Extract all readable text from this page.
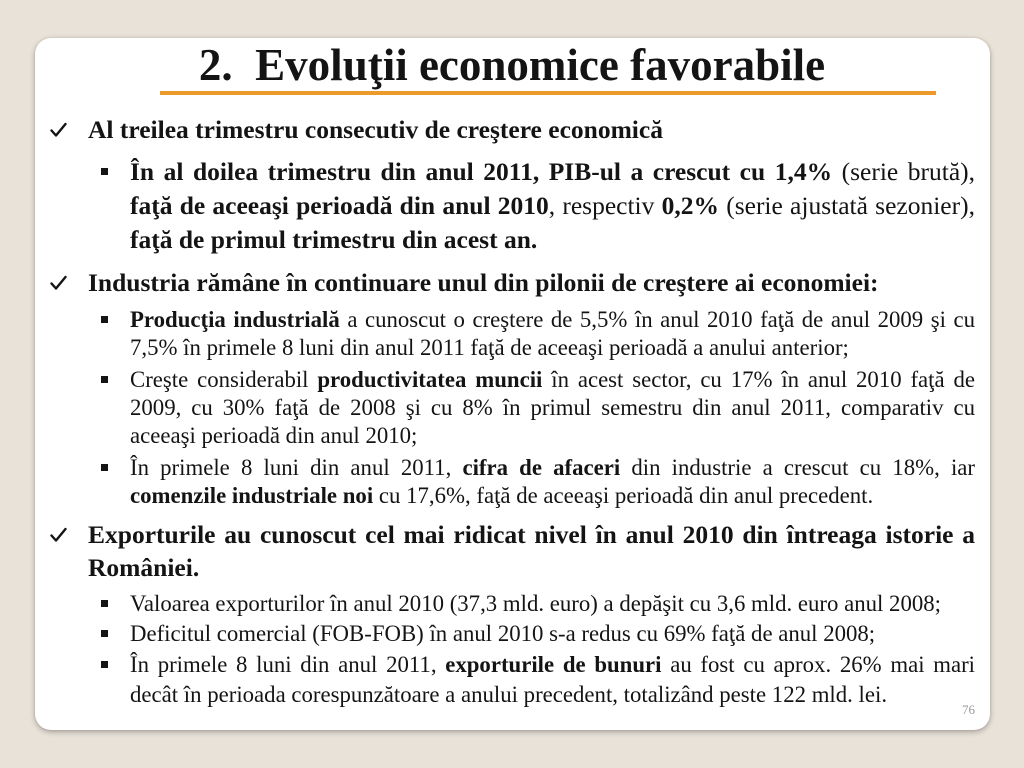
2.  Evoluţii economice favorabile
Al treilea trimestru consecutiv de creştere economică
În al doilea trimestru din anul 2011, PIB-ul a crescut cu 1,4% (serie brută), faţă de aceeaşi perioadă din anul 2010, respectiv 0,2% (serie ajustată sezonier), faţă de primul trimestru din acest an.
Industria rămâne în continuare unul din pilonii de creştere ai economiei:
Producţia industrială a cunoscut o creştere de 5,5% în anul 2010 faţă de anul 2009 şi cu 7,5% în primele 8 luni din anul 2011 faţă de aceeaşi perioadă a anului anterior;
Creşte considerabil productivitatea muncii în acest sector, cu 17% în anul 2010 faţă de 2009, cu 30% faţă de 2008 şi cu 8% în primul semestru din anul 2011, comparativ cu aceeaşi perioadă din anul 2010;
În primele 8 luni din anul 2011, cifra de afaceri din industrie a crescut cu 18%, iar comenzile industriale noi cu 17,6%, faţă de aceeaşi perioadă din anul precedent.
Exporturile au cunoscut cel mai ridicat nivel în anul 2010 din întreaga istorie a României.
Valoarea exporturilor în anul 2010 (37,3 mld. euro) a depăşit cu 3,6 mld. euro anul 2008;
Deficitul comercial (FOB-FOB) în anul 2010 s-a redus cu 69% faţă de anul 2008;
În primele 8 luni din anul 2011, exporturile de bunuri au fost cu aprox. 26% mai mari decât în perioada corespunzătoare a anului precedent, totalizând peste 122 mld. lei.
76
